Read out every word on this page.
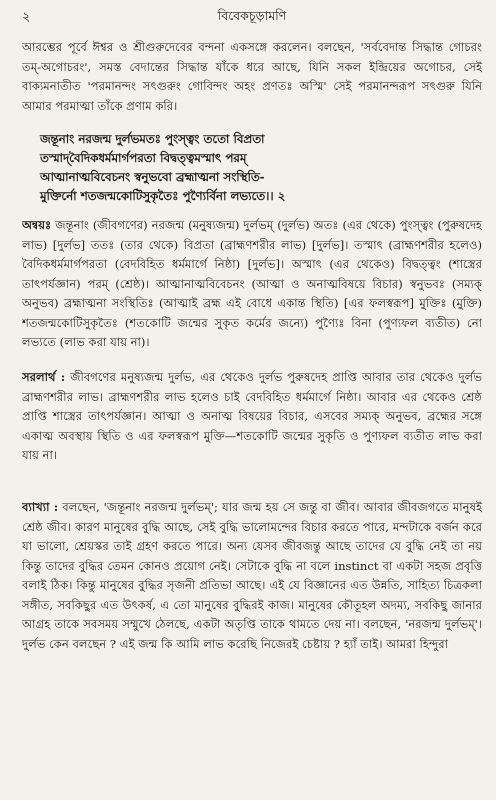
২	বিবেকচূড়ামণি

আরম্ভের পূর্বে ঈশ্বর ও শ্রীগুরুদেবের বন্দনা একসঙ্গে করলেন। বলছেন, 'সর্ববেদান্ত সিদ্ধান্ত গোচরং তম্-অগোচরং', সমস্ত বেদান্তের সিদ্ধান্ত যাঁকে ধরে আছে, যিনি সকল ইন্দ্রিয়ের অগোচর, সেই বাক্যমনাতীত 'পরমানন্দং সৎগুরুং গোবিন্দং অহং প্রণতঃ অস্মি' সেই পরমানন্দরূপ সৎগুরু যিনি আমার পরমাত্মা তাঁকে প্রণাম করি।

জন্তূনাং নরজন্ম দুর্লভমতঃ পুংস্ত্বং ততো বিপ্রতা
তস্মাদ্‌বৈদিকধর্মমার্গপরতা বিদ্বত্ত্বমস্মাৎ পরম্
আত্মানাত্মবিবেচনং স্বনুভবো ব্রহ্মাত্মনা সংস্থিতি-
মুক্তির্নো শতজন্মকোটিসুকৃতৈঃ পুণ্যৈর্বিনা লভ্যতে।। ২

অন্বয়ঃ জন্তূনাং (জীবগণের) নরজন্ম (মনুষ্যজন্ম) দুর্লভম্ (দুর্লভ) অতঃ (এর থেকে) পুংস্ত্বং (পুরুষদেহ লাভ) [দুর্লভ] ততঃ (তার থেকে) বিপ্রতা (ব্রাহ্মণশরীর লাভ) [দুর্লভ]। তস্মাৎ (ব্রাহ্মণশরীর হলেও) বৈদিকধর্মমার্গপরতা (বেদবিহিত ধর্মমার্গে নিষ্ঠা) [দুর্লভ]। অস্মাৎ (এর থেকেও) বিদ্বত্ত্বং (শাস্ত্রের তাৎপর্যজ্ঞান) পরম্ (শ্রেষ্ঠ)। আত্মানাত্মবিবেচনং (আত্মা ও অনাত্মবিষয়ে বিচার) স্বনুভবঃ (সম্যক্ অনুভব) ব্রহ্মাত্মনা সংস্থিতিঃ (আত্মাই ব্রহ্ম এই বোধে একান্ত স্থিতি) [এর ফলস্বরূপ] মুক্তিঃ (মুক্তি) শতজন্মকোটিসুকৃতৈঃ (শতকোটি জন্মের সুকৃত কর্মের জন্যে) পুণ্যৈঃ বিনা (পুণ্যফল ব্যতীত) নো লভ্যতে (লাভ করা যায় না)।

সরলার্থ : জীবগণের মনুষ্যজন্ম দুর্লভ, এর থেকেও দুর্লভ পুরুষদেহ প্রাপ্তি আবার তার থেকেও দুর্লভ ব্রাহ্মণশরীর লাভ। ব্রাহ্মণশরীর লাভ হলেও চাই বেদবিহিত ধর্মমার্গে নিষ্ঠা। আবার এর থেকেও শ্রেষ্ঠ প্রাপ্তি শাস্ত্রের তাৎপর্যজ্ঞান। আত্মা ও অনাত্ম বিষয়ের বিচার, এসবের সম্যক্ অনুভব, ব্রহ্মের সঙ্গে একাত্ম অবস্থায় স্থিতি ও এর ফলস্বরূপ মুক্তি—শতকোটি জন্মের সুকৃতি ও পুণ্যফল ব্যতীত লাভ করা যায় না।

ব্যাখ্যা : বলছেন, 'জন্তূনাং নরজন্ম দুর্লভম্'; যার জন্ম হয় সে জন্তু বা জীব। আবার জীবজগতে মানুষই শ্রেষ্ঠ জীব। কারণ মানুষের বুদ্ধি আছে, সেই বুদ্ধি ভালোমন্দের বিচার করতে পারে, মন্দটাকে বর্জন করে যা ভালো, শ্রেয়স্কর তাই গ্রহণ করতে পারে। অন্য যেসব জীবজন্তু আছে তাদের যে বুদ্ধি নেই তা নয় কিন্তু তাদের বুদ্ধির তেমন কোনও প্রয়োগ নেই। সেটাকে বুদ্ধি না বলে instinct বা একটা সহজ প্রবৃত্তি বলাই ঠিক। কিন্তু মানুষের বুদ্ধির সৃজনী প্রতিভা আছে। এই যে বিজ্ঞানের এত উন্নতি, সাহিত্য চিত্রকলা সঙ্গীত, সবকিছুর এত উৎকর্ষ, এ তো মানুষের বুদ্ধিরই কাজ। মানুষের কৌতূহল অদম্য, সবকিছু জানার আগ্রহ তাকে সবসময় সম্মুখে ঠেলছে, একটা অতৃপ্তি তাকে থামতে দেয় না। বলছেন, 'নরজন্ম দুর্লভম্'। দুর্লভ কেন বলছেন ? এই জন্ম কি আমি লাভ করেছি নিজেরই চেষ্টায় ? হ্যাঁ তাই। আমরা হিন্দুরা
